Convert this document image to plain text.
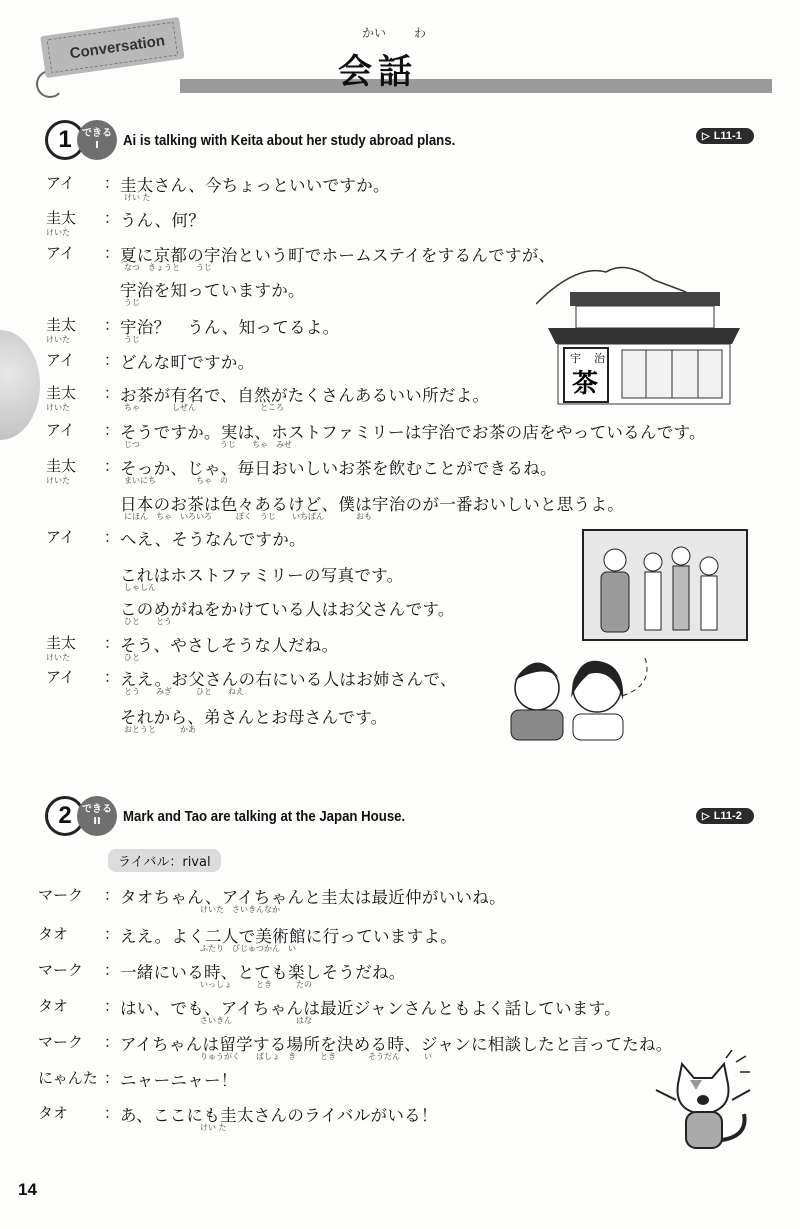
Conversation	かい わ
会話
1	できる
I Ai is talking with Keita about her study abroad plans.	▷ L11-1
アイ ： 圭太さん、今ちょっといいですか。
けい た
圭太
けいた
： うん、何？
アイ ： 夏に京都の宇治という町でホームステイをするんですが、
なつ　きょうと　　うじ
宇治を知っていますか。
うじ
圭太
けいた
： 宇治？　うん、知ってるよ。
うじ
アイ ： どんな町ですか。
圭太
けいた
： お茶が有名で、自然がたくさんあるいい所だよ。
ちゃ　　　　しぜん　　　　　　　　ところ
アイ ： そうですか。実は、ホストファミリーは宇治でお茶の店をやっているんです。
じつ　　　　　　　　　　うじ　　ちゃ　みせ
圭太
けいた
： そっか、じゃ、毎日おいしいお茶を飲むことができるね。
まいにち　　　　　ちゃ　の
日本のお茶は色々あるけど、僕は宇治のが一番おいしいと思うよ。
にほん　ちゃ　いろいろ　　　ぼく　うじ　　いちばん　　　　おも
アイ ： へえ、そうなんですか。
これはホストファミリーの写真です。
しゃしん
このめがねをかけている人はお父さんです。
ひと　　とう
圭太
けいた
： そう、やさしそうな人だね。
ひと
アイ ： ええ。お父さんの右にいる人はお姉さんで、
とう　　みぎ　　　ひと　　ねえ
それから、弟さんとお母さんです。
おとうと　　　かあ
宇 治
茶
2	できる
II Mark and Tao are talking at the Japan House.	▷ L11-2
ライバル：rival
マーク ： タオちゃん、アイちゃんと圭太は最近仲がいいね。
けいた　さいきんなか
タオ ： ええ。よく二人で美術館に行っていますよ。
ふたり　びじゅつかん　い
マーク ： 一緒にいる時、とても楽しそうだね。
いっしょ　　　とき　　　たの
タオ ： はい、でも、アイちゃんは最近ジャンさんともよく話しています。
さいきん　　　　　　　　はな
マーク ： アイちゃんは留学する場所を決める時、ジャンに相談したと言ってたね。
りゅうがく　　ばしょ　き　　　とき　　　　そうだん　　　い
にゃんた ： ニャーニャー！
タオ ： あ、ここにも圭太さんのライバルがいる！
けい た
14
